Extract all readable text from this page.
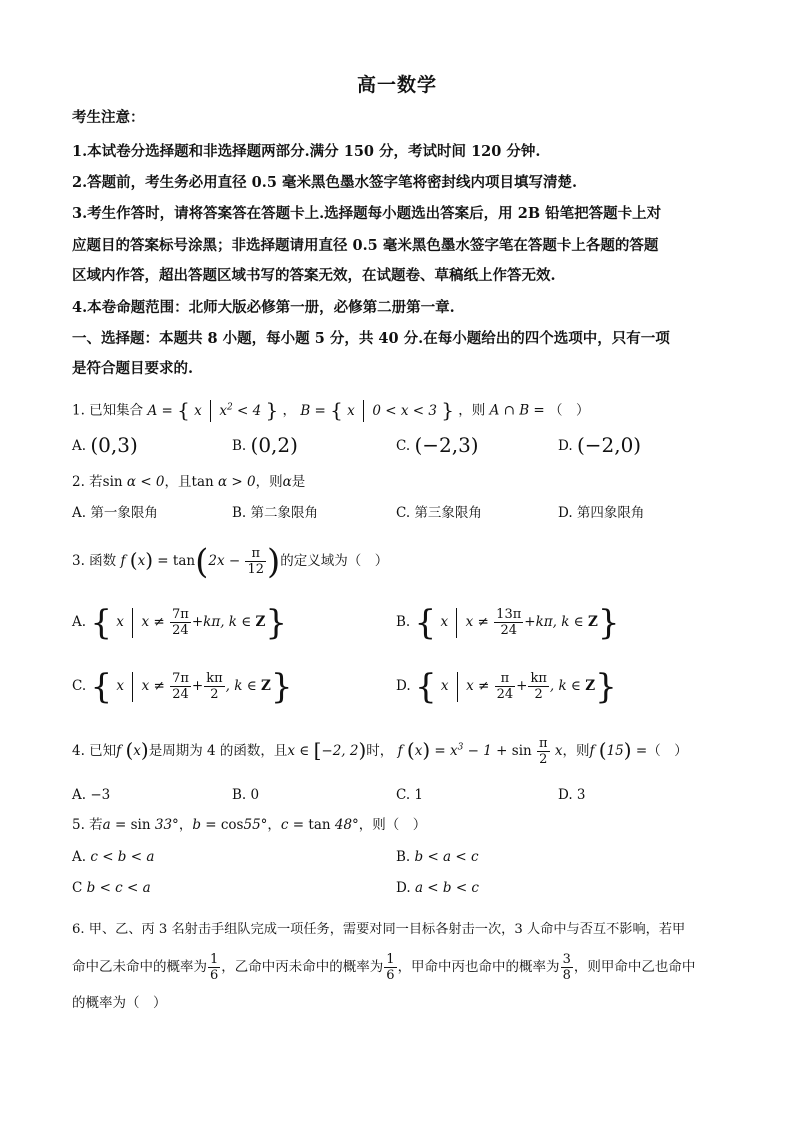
高一数学
考生注意：
1.本试卷分选择题和非选择题两部分.满分 150 分，考试时间 120 分钟.
2.答题前，考生务必用直径 0.5 毫米黑色墨水签字笔将密封线内项目填写清楚.
3.考生作答时，请将答案答在答题卡上.选择题每小题选出答案后，用 2B 铅笔把答题卡上对
应题目的答案标号涂黑；非选择题请用直径 0.5 毫米黑色墨水签字笔在答题卡上各题的答题
区域内作答，超出答题区域书写的答案无效，在试题卷、草稿纸上作答无效.
4.本卷命题范围：北师大版必修第一册，必修第二册第一章.
一、选择题：本题共 8 小题，每小题 5 分，共 40 分.在每小题给出的四个选项中，只有一项
是符合题目要求的.
1. 已知集合 A = { x  $x^2 < 4$ } ， B = { x  0 < x < 3 } ，则 A ∩ B = （　）
A. (0,3)	B. (0,2)	C. (−2,3)	D. (−2,0)
2. 若sin α < 0，且tan α > 0，则α是
A. 第一象限角	B. 第二象限角	C. 第三象限角	D. 第四象限角
3. 函数 f $(x) = \tan(2x - \frac{\pi}{12}$ )的定义域为（　）
A. { x  $x \ne \frac{7\pi}{24} +k\pi$, k ∈ Z}	B. { x  $x \ne \frac{13\pi}{24} +k\pi$, k ∈ Z}
C. { x  $x \ne \frac{7\pi}{24} + \frac{k\pi}{2}$ , k ∈ Z}	D. { x  $x \ne \frac{\pi}{24} + \frac{k\pi}{2}$ , k ∈ Z}
4. 已知f (x)是周期为 4 的函数，且x ∈ [−2, 2)时， f $(x) = x^3 - 1 + \sin \frac{\pi}{2}$ x，则f (15) =（　）
A. −3	B. 0	C. 1	D. 3
5. 若a = sin 33°，b = cos55°，c = tan 48°，则（　）
A. c < b < a	B. b < a < c
C b < c < a	D. a < b < c
6. 甲、乙、丙 3 名射击手组队完成一项任务，需要对同一目标各射击一次，3 人命中与否互不影响，若甲
命中乙未命中的概率为 $\frac{1}{6}$ ，乙命中丙未命中的概率为 $\frac{1}{6}$ ，甲命中丙也命中的概率为 $\frac{3}{8}$ ，则甲命中乙也命中
的概率为（　）
